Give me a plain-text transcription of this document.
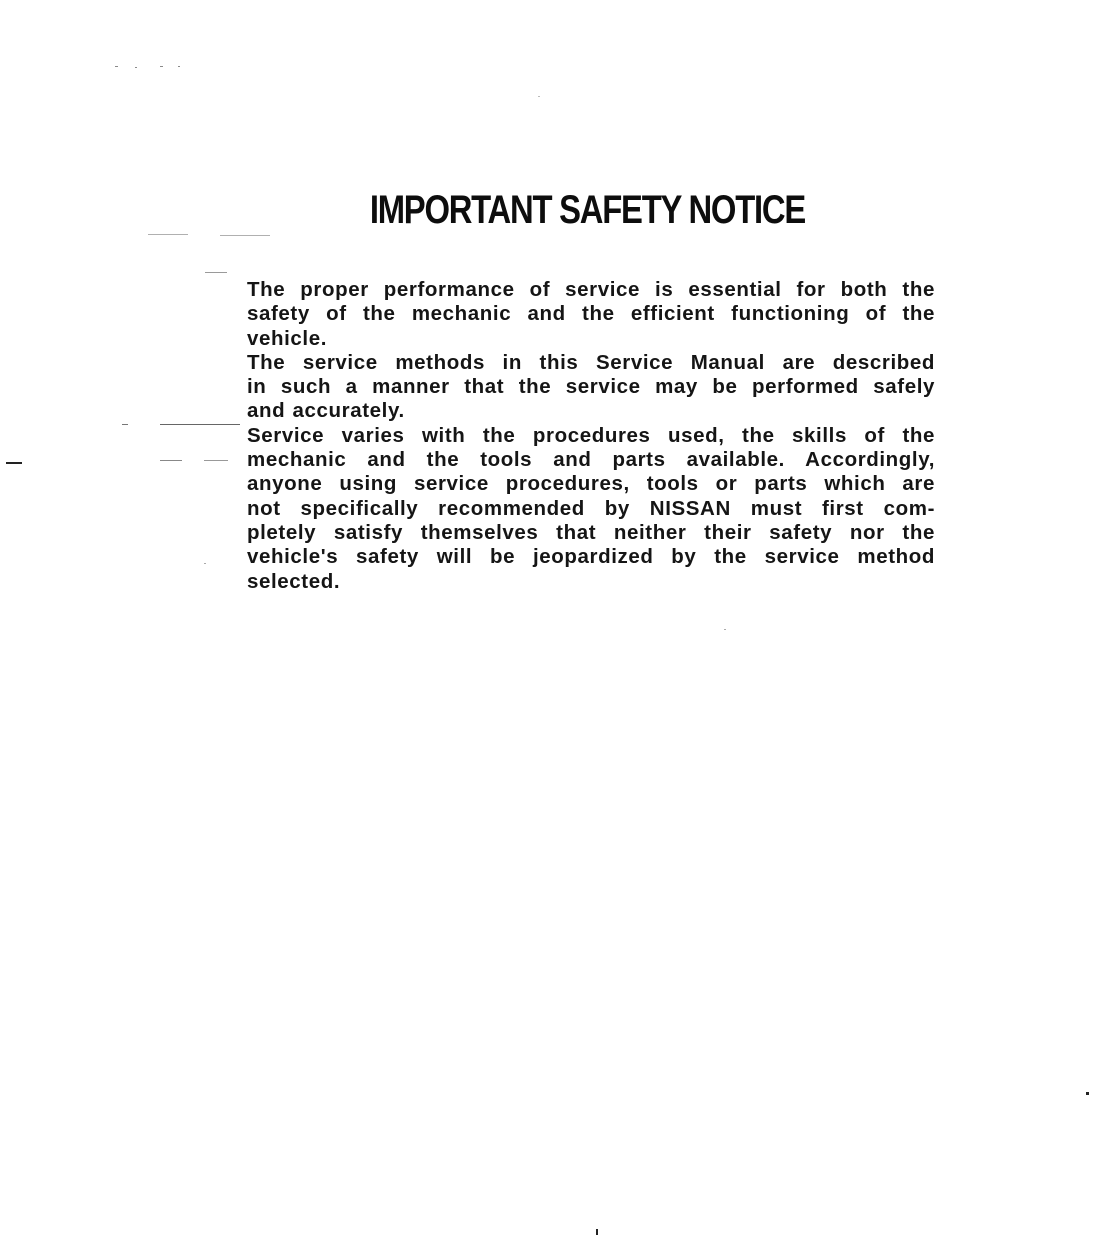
IMPORTANT SAFETY NOTICE

The proper performance of service is essential for both the
safety of the mechanic and the efficient functioning of the
vehicle.

The service methods in this Service Manual are described
in such a manner that the service may be performed safely
and accurately.

Service varies with the procedures used, the skills of the
mechanic and the tools and parts available. Accordingly,
anyone using service procedures, tools or parts which are
not specifically recommended by NISSAN must first com-
pletely satisfy themselves that neither their safety nor the
vehicle's safety will be jeopardized by the service method
selected.
